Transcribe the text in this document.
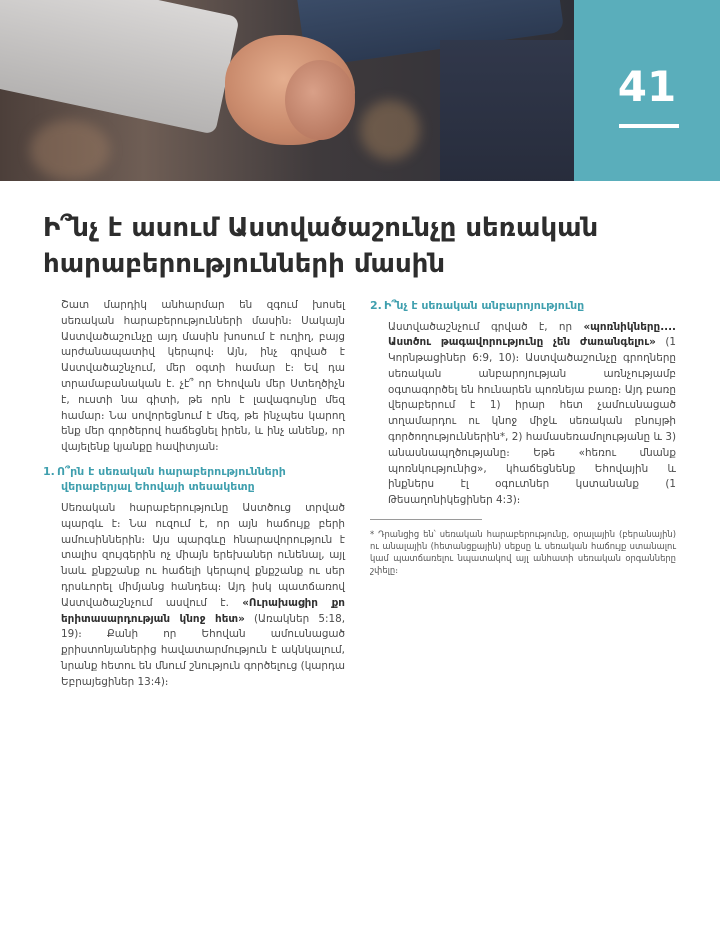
41
Ի՞նչ է ասում Աստվածաշունչը սեռական հարաբերությունների մասին

Շատ մարդիկ անհարմար են զգում խոսել սեռական հարաբերությունների մասին։ Սակայն Աստվածաշունչը այդ մասին խոսում է ուղիղ, բայց արժանապատիվ կերպով։ Այն, ինչ գրված է Աստվածաշնչում, մեր օգտի համար է։ Եվ դա տրամաբանական է. չէ՞ որ Եհովան մեր Ստեղծիչն է, ուստի նա գիտի, թե որն է լավագույնը մեզ համար։ Նա սովորեցնում է մեզ, թե ինչպես կարող ենք մեր գործերով հաճեցնել իրեն, և ինչ անենք, որ վայելենք կյանքը հավիտյան։

1. Ո՞րն է սեռական հարաբերությունների
վերաբերյալ Եհովայի տեսակետը

Սեռական հարաբերությունը Աստծուց տրված պարգև է։ Նա ուզում է, որ այն հաճույք բերի ամուսիններին։ Այս պարգևը հնարավորություն է տալիս զույգերին ոչ միայն երեխաներ ունենալ, այլ նաև քնքշանք ու հաճելի կերպով քնքշանք ու սեր դրսևորել միմյանց հանդեպ։ Այդ իսկ պատճառով Աստվածաշնչում ասվում է. «Ուրախացիր քո երիտասարդության կնոջ հետ» (Առակներ 5:18, 19)։ Քանի որ Եհովան ամուսնացած քրիստոնյաներից հավատարմություն է ակնկալում, նրանք հետու են մնում շնություն գործելուց (կարդա Եբրայեցիներ 13:4)։

2. Ի՞նչ է սեռական անբարոյությունը

Աստվածաշնչում գրված է, որ «պոռնիկները.... Աստծու թագավորությունը չեն ժառանգելու» (1 Կորնթացիներ 6:9, 10)։ Աստվածաշունչը գրողները սեռական անբարոյության առնչությամբ օգտագործել են հունարեն պոռնեյա բառը։ Այդ բառը վերաբերում է 1) իրար հետ չամուսնացած տղամարդու ու կնոջ միջև սեռական բնույթի գործողություններին*, 2) համասեռամոլությանը և 3) անասնապղծությանը։ Եթե «հեռու մնանք պոռնկությունից», կհաճեցնենք Եհովային և ինքներս էլ օգուտներ կստանանք (1 Թեսաղոնիկեցիներ 4:3)։

* Դրանցից են՝ սեռական հարաբերությունը, օրալային (բերանային) ու անալային (հետանցքային) սեքսը և սեռական հաճույք ստանալու կամ պատճառելու նպատակով այլ անհատի սեռական օրգանները շփելը։
